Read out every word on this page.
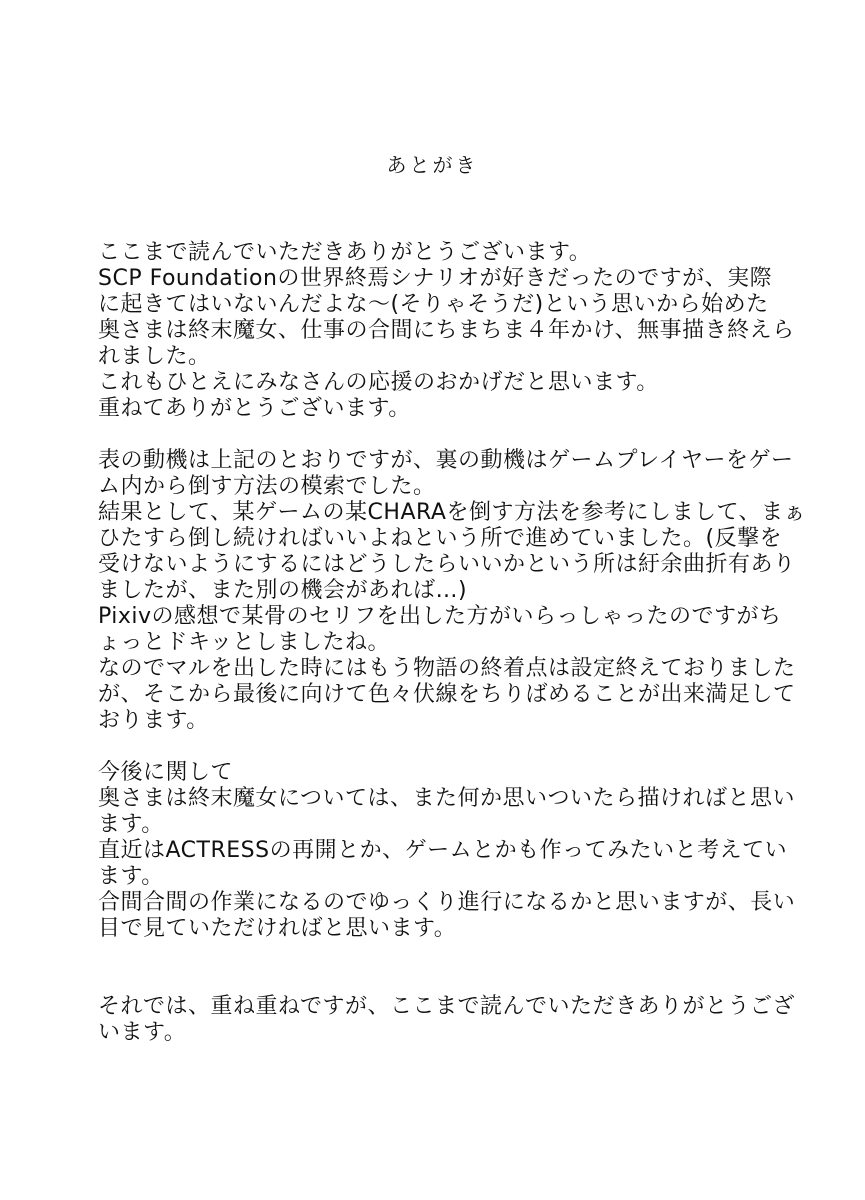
あとがき
ここまで読んでいただきありがとうございます。
SCP Foundationの世界終焉シナリオが好きだったのですが、実際
に起きてはいないんだよな～(そりゃそうだ)という思いから始めた
奥さまは終末魔女、仕事の合間にちまちま４年かけ、無事描き終えら
れました。
これもひとえにみなさんの応援のおかげだと思います。
重ねてありがとうございます。
表の動機は上記のとおりですが、裏の動機はゲームプレイヤーをゲー
ム内から倒す方法の模索でした。
結果として、某ゲームの某CHARAを倒す方法を参考にしまして、まぁ
ひたすら倒し続ければいいよねという所で進めていました。(反撃を
受けないようにするにはどうしたらいいかという所は紆余曲折有あり
ましたが、また別の機会があれば…)
Pixivの感想で某骨のセリフを出した方がいらっしゃったのですがち
ょっとドキッとしましたね。
なのでマルを出した時にはもう物語の終着点は設定終えておりました
が、そこから最後に向けて色々伏線をちりばめることが出来満足して
おります。
今後に関して
奥さまは終末魔女については、また何か思いついたら描ければと思い
ます。
直近はACTRESSの再開とか、ゲームとかも作ってみたいと考えてい
ます。
合間合間の作業になるのでゆっくり進行になるかと思いますが、長い
目で見ていただければと思います。
それでは、重ね重ねですが、ここまで読んでいただきありがとうござ
います。
